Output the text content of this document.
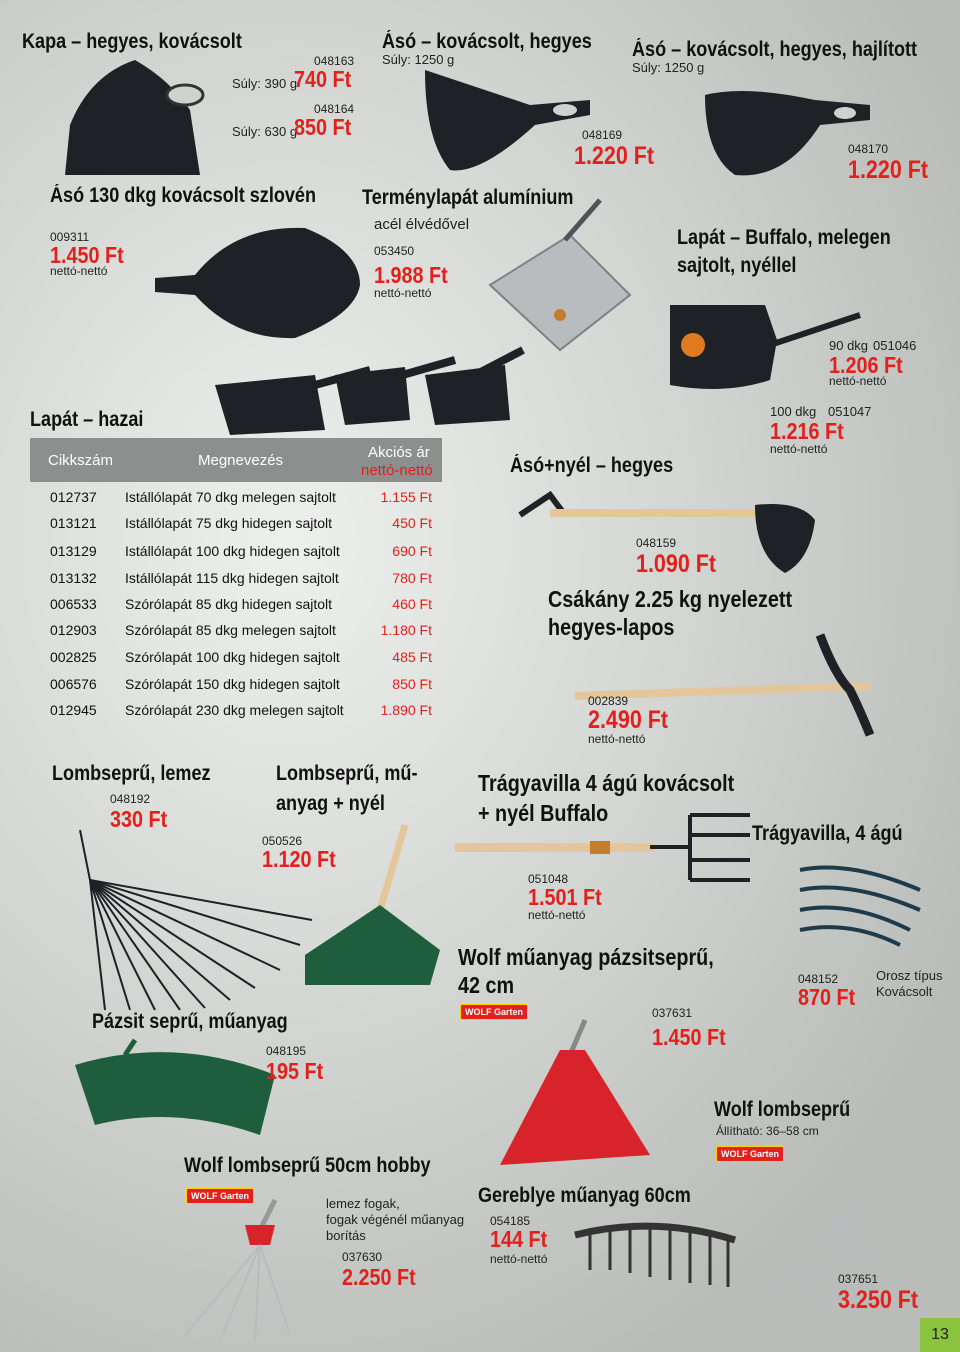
Kapa – hegyes, kovácsolt
048163
Súly: 390 g
740 Ft
048164
Súly: 630 g
850 Ft
Ásó – kovácsolt, hegyes
Súly: 1250 g
048169
1.220 Ft
Ásó – kovácsolt, hegyes, hajlított
Súly: 1250 g
048170
1.220 Ft
Ásó 130 dkg kovácsolt szlovén
009311
1.450 Ft
nettó-nettó
Terménylapát alumínium
acél élvédővel
053450
1.988 Ft
nettó-nettó
Lapát – Buffalo, melegen
sajtolt, nyéllel
90 dkg 051046
1.206 Ft
nettó-nettó
100 dkg 051047
1.216 Ft
nettó-nettó
Lapát – hazai
Cikkszám	Megnevezés	Akciós ár
nettó-nettó
012737 Istállólapát 70 dkg melegen sajtolt	1.155 Ft
013121 Istállólapát 75 dkg hidegen sajtolt	450 Ft
013129 Istállólapát 100 dkg hidegen sajtolt	690 Ft
013132 Istállólapát 115 dkg hidegen sajtolt	780 Ft
006533 Szórólapát 85 dkg hidegen sajtolt	460 Ft
012903 Szórólapát 85 dkg melegen sajtolt	1.180 Ft
002825 Szórólapát 100 dkg hidegen sajtolt	485 Ft
006576 Szórólapát 150 dkg hidegen sajtolt	850 Ft
012945 Szórólapát 230 dkg melegen sajtolt	1.890 Ft
Ásó+nyél – hegyes
048159
1.090 Ft
Csákány 2.25 kg nyelezett
hegyes-lapos
002839
2.490 Ft
nettó-nettó
Lombseprű, lemez
048192
330 Ft
Lombseprű, mű-
anyag + nyél
050526
1.120 Ft
Trágyavilla 4 ágú kovácsolt
+ nyél Buffalo
051048
1.501 Ft
nettó-nettó
Trágyavilla, 4 ágú
Wolf műanyag pázsitseprű,
42 cm
WOLF Garten	037631
1.450 Ft
048152
870 Ft
Orosz típus
Kovácsolt
Wolf lombseprű
Állítható: 36–58 cm
WOLF Garten
037651
3.250 Ft
Pázsit seprű, műanyag
048195
195 Ft
Wolf lombseprű 50cm hobby
WOLF Garten	lemez fogak,
fogak végénél műanyag
borítás
037630
2.250 Ft
Gereblye műanyag 60cm
054185
144 Ft
nettó-nettó
13
